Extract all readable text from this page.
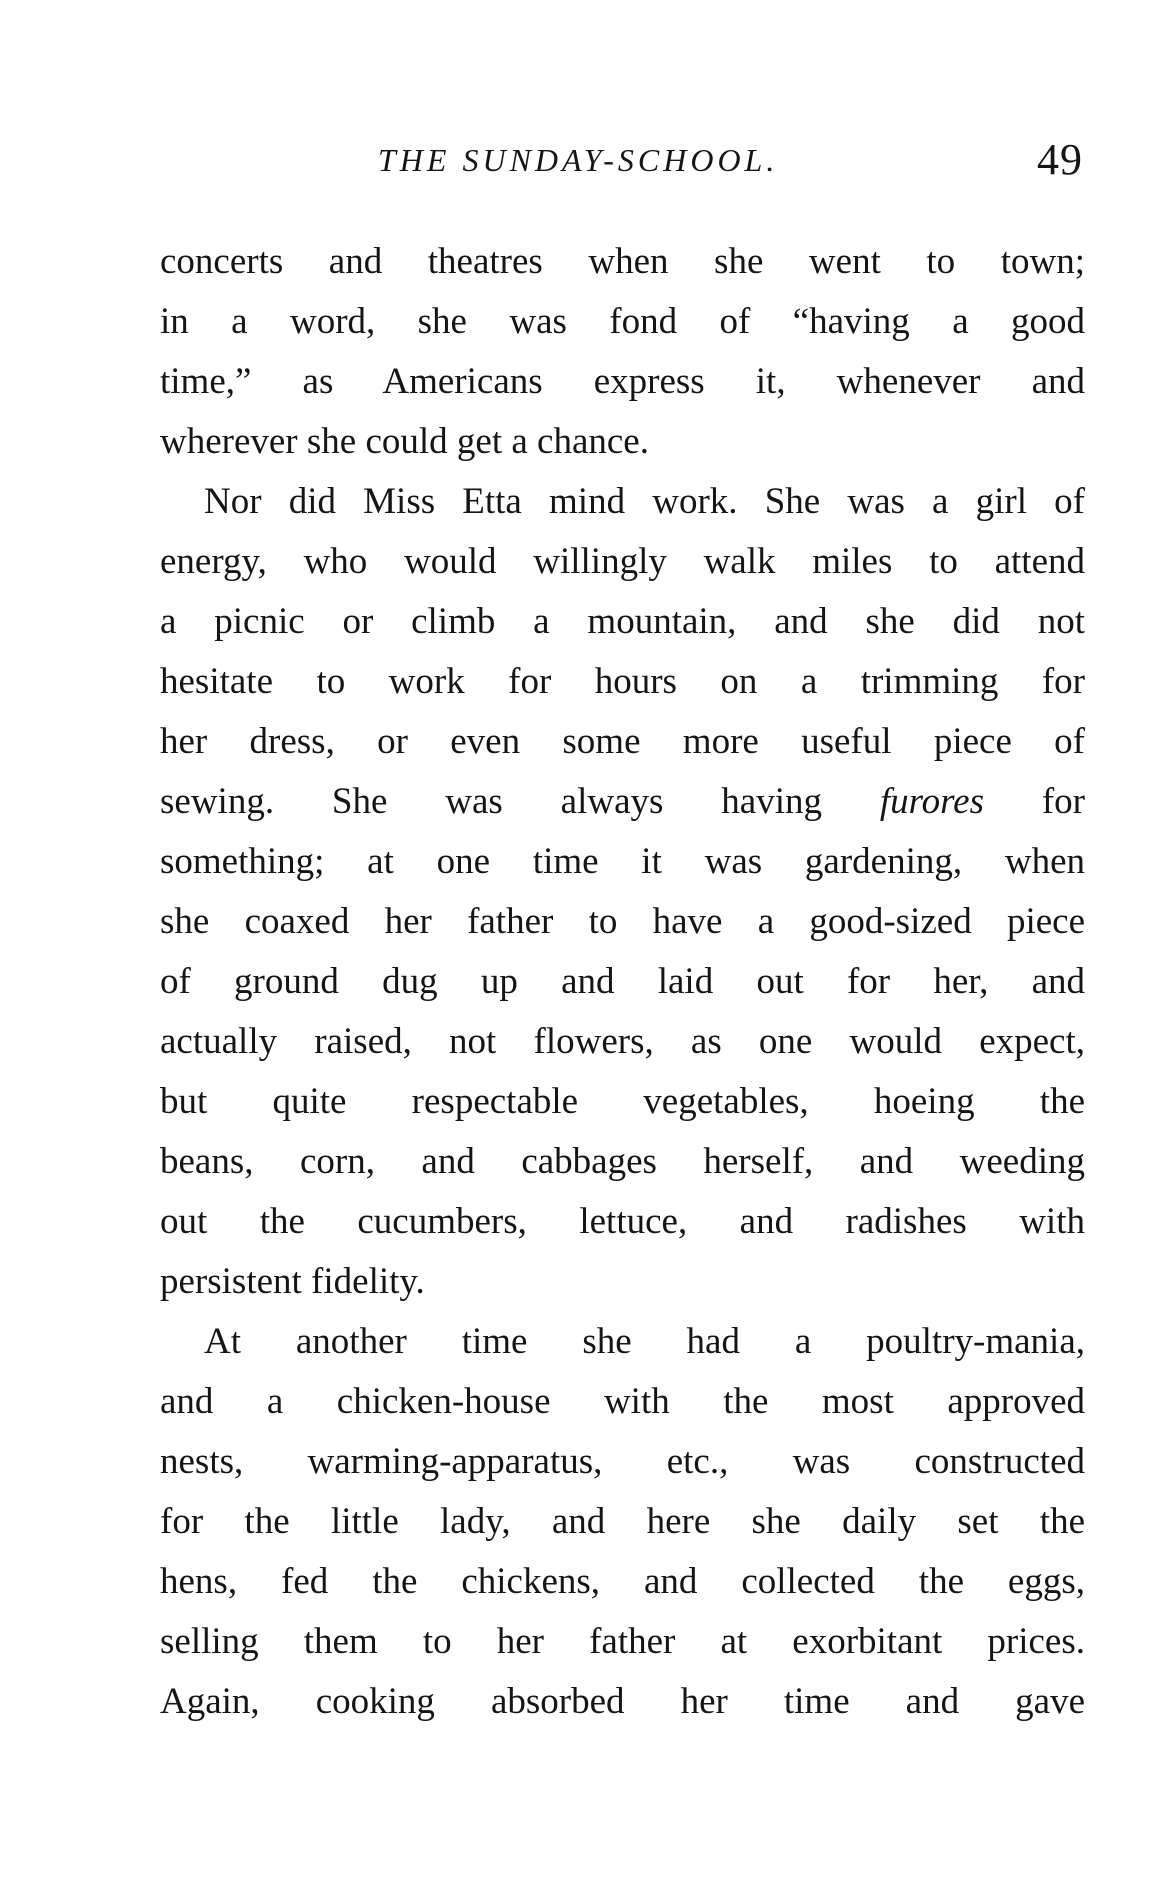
THE SUNDAY-SCHOOL.	49
concerts and theatres when she went to town;
in a word, she was fond of “having a good
time,” as Americans express it, whenever and
wherever she could get a chance.
Nor did Miss Etta mind work. She was a girl of
energy, who would willingly walk miles to attend
a picnic or climb a mountain, and she did not
hesitate to work for hours on a trimming for
her dress, or even some more useful piece of
sewing. She was always having furores for
something; at one time it was gardening, when
she coaxed her father to have a good-sized piece
of ground dug up and laid out for her, and
actually raised, not flowers, as one would expect,
but quite respectable vegetables, hoeing the
beans, corn, and cabbages herself, and weeding
out the cucumbers, lettuce, and radishes with
persistent fidelity.
At another time she had a poultry-mania,
and a chicken-house with the most approved
nests, warming-apparatus, etc., was constructed
for the little lady, and here she daily set the
hens, fed the chickens, and collected the eggs,
selling them to her father at exorbitant prices.
Again, cooking absorbed her time and gave
